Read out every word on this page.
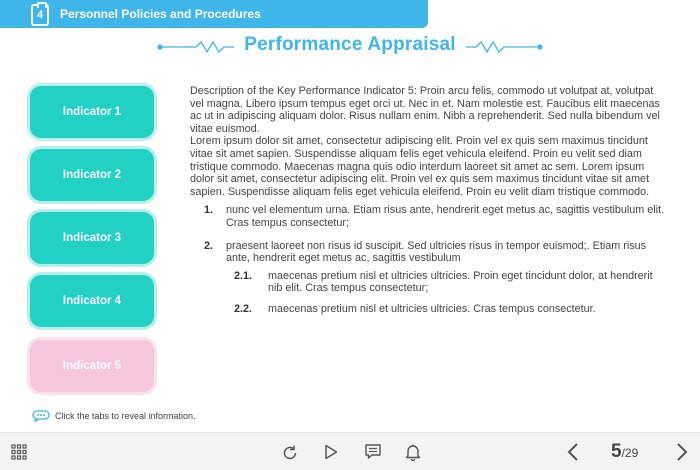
4 Personnel Policies and Procedures
Performance Appraisal
Indicator 1
Indicator 2
Indicator 3
Indicator 4
Indicator 5

Description of the Key Performance Indicator 5: Proin arcu felis, commodo ut volutpat at, volutpat vel magna. Libero ipsum tempus eget orci ut. Nec in et. Nam molestie est. Faucibus elit maecenas ac ut in adipiscing aliquam dolor. Risus nullam enim. Nibh a reprehenderit. Sed nulla bibendum vel vitae euismod.

Lorem ipsum dolor sit amet, consectetur adipiscing elit. Proin vel ex quis sem maximus tincidunt vitae sit amet sapien. Suspendisse aliquam felis eget vehicula eleifend. Proin eu velit sed diam tristique commodo. Maecenas magna quis odio interdum laoreet sit amet ac sem. Lorem ipsum dolor sit amet, consectetur adipiscing elit. Proin vel ex quis sem maximus tincidunt vitae sit amet sapien. Suspendisse aliquam felis eget vehicula eleifend. Proin eu velit diam tristique commodo.

1. nunc vel elementum urna. Etiam risus ante, hendrerit eget metus ac, sagittis vestibulum elit. Cras tempus consectetur;
2. praesent laoreet non risus id suscipit. Sed ultricies risus in tempor euismod;. Etiam risus ante, hendrerit eget metus ac, sagittis vestibulum
2.1. maecenas pretium nisl et ultricies ultricies. Proin eget tincidunt dolor, at hendrerit nib elit. Cras tempus consectetur;
2.2. maecenas pretium nisl et ultricies ultricies. Cras tempus consectetur.
Click the tabs to reveal information.
5/29
